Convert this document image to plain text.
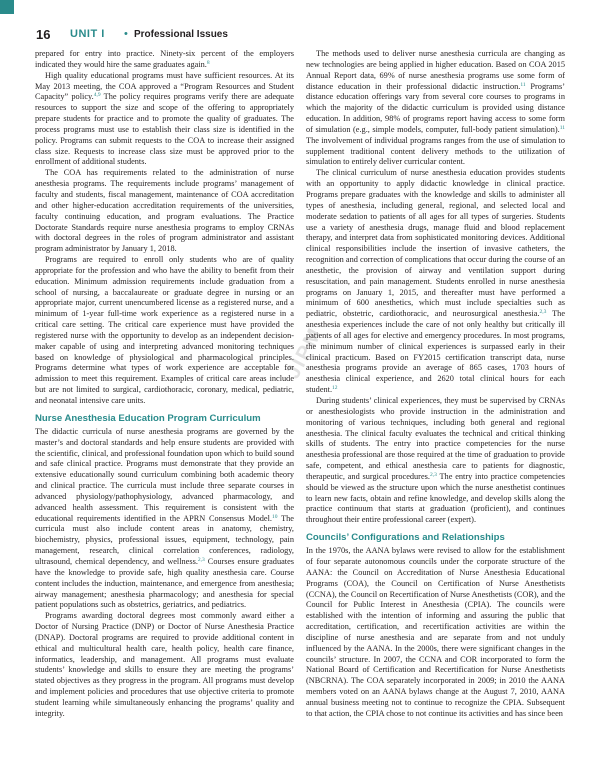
16 UNIT I • Professional Issues
JIPM

prepared for entry into practice. Ninety-six percent of the employers indicated they would hire the same graduates again.$^8$

High quality educational programs must have sufficient resources. At its May 2013 meeting, the COA approved a “Program Resources and Student Capacity” policy.$^{4,9}$ The policy requires programs verify there are adequate resources to support the size and scope of the offering to appropriately prepare students for practice and to promote the quality of graduates. The process programs must use to establish their class size is identified in the policy. Programs can submit requests to the COA to increase their assigned class size. Requests to increase class size must be approved prior to the enrollment of additional students.

The COA has requirements related to the administration of nurse anesthesia programs. The requirements include programs’ management of faculty and students, fiscal management, maintenance of COA accreditation and other higher-education accreditation requirements of the universities, faculty continuing education, and program evaluations. The Practice Doctorate Standards require nurse anesthesia programs to employ CRNAs with doctoral degrees in the roles of program administrator and assistant program administrator by January 1, 2018.

Programs are required to enroll only students who are of quality appropriate for the profession and who have the ability to benefit from their education. Minimum admission requirements include graduation from a school of nursing, a baccalaureate or graduate degree in nursing or an appropriate major, current unencumbered license as a registered nurse, and a minimum of 1-year full-time work experience as a registered nurse in a critical care setting. The critical care experience must have provided the registered nurse with the opportunity to develop as an independent decision-maker capable of using and interpreting advanced monitoring techniques based on knowledge of physiological and pharmacological principles. Programs determine what types of work experience are acceptable for admission to meet this requirement. Examples of critical care areas include but are not limited to surgical, cardiothoracic, coronary, medical, pediatric, and neonatal intensive care units.

Nurse Anesthesia Education Program Curriculum

The didactic curricula of nurse anesthesia programs are governed by the master’s and doctoral standards and help ensure students are provided with the scientific, clinical, and professional foundation upon which to build sound and safe clinical practice. Programs must demonstrate that they provide an extensive educationally sound curriculum combining both academic theory and clinical practice. The curricula must include three separate courses in advanced physiology/pathophysiology, advanced pharmacology, and advanced health assessment. This requirement is consistent with the educational requirements identified in the APRN Consensus Model.$^{10}$ The curricula must also include content areas in anatomy, chemistry, biochemistry, physics, professional issues, equipment, technology, pain management, research, clinical correlation conferences, radiology, ultrasound, chemical dependency, and wellness.$^{2,3}$ Courses ensure graduates have the knowledge to provide safe, high quality anesthesia care. Course content includes the induction, maintenance, and emergence from anesthesia; airway management; anesthesia pharmacology; and anesthesia for special patient populations such as obstetrics, geriatrics, and pediatrics.

Programs awarding doctoral degrees most commonly award either a Doctor of Nursing Practice (DNP) or Doctor of Nurse Anesthesia Practice (DNAP). Doctoral programs are required to provide additional content in ethical and multicultural health care, health policy, health care finance, informatics, leadership, and management. All programs must evaluate students’ knowledge and skills to ensure they are meeting the programs’ stated objectives as they progress in the program. All programs must develop and implement policies and procedures that use objective criteria to promote student learning while simultaneously enhancing the programs’ quality and integrity.

The methods used to deliver nurse anesthesia curricula are changing as new technologies are being applied in higher education. Based on COA 2015 Annual Report data, 69% of nurse anesthesia programs use some form of distance education in their professional didactic instruction.$^{11}$ Programs’ distance education offerings vary from several core courses to programs in which the majority of the didactic curriculum is provided using distance education. In addition, 98% of programs report having access to some form of simulation (e.g., simple models, computer, full-body patient simulation).$^{11}$ The involvement of individual programs ranges from the use of simulation to supplement traditional content delivery methods to the utilization of simulation to entirely deliver curricular content.

The clinical curriculum of nurse anesthesia education provides students with an opportunity to apply didactic knowledge in clinical practice. Programs prepare graduates with the knowledge and skills to administer all types of anesthesia, including general, regional, and selected local and moderate sedation to patients of all ages for all types of surgeries. Students use a variety of anesthesia drugs, manage fluid and blood replacement therapy, and interpret data from sophisticated monitoring devices. Additional clinical responsibilities include the insertion of invasive catheters, the recognition and correction of complications that occur during the course of an anesthetic, the provision of airway and ventilation support during resuscitation, and pain management. Students enrolled in nurse anesthesia programs on January 1, 2015, and thereafter must have performed a minimum of 600 anesthetics, which must include specialties such as pediatric, obstetric, cardiothoracic, and neurosurgical anesthesia.$^{2,3}$ The anesthesia experiences include the care of not only healthy but critically ill patients of all ages for elective and emergency procedures. In most programs, the minimum number of clinical experiences is surpassed early in their clinical practicum. Based on FY2015 certification transcript data, nurse anesthesia programs provide an average of 865 cases, 1703 hours of anesthesia clinical experience, and 2620 total clinical hours for each student.$^{12}$

During students’ clinical experiences, they must be supervised by CRNAs or anesthesiologists who provide instruction in the administration and monitoring of various techniques, including both general and regional anesthesia. The clinical faculty evaluates the technical and critical thinking skills of students. The entry into practice competencies for the nurse anesthesia professional are those required at the time of graduation to provide safe, competent, and ethical anesthesia care to patients for diagnostic, therapeutic, and surgical procedures.$^{2,3}$ The entry into practice competencies should be viewed as the structure upon which the nurse anesthetist continues to learn new facts, obtain and refine knowledge, and develop skills along the practice continuum that starts at graduation (proficient), and continues throughout their entire professional career (expert).

Councils’ Configurations and Relationships

In the 1970s, the AANA bylaws were revised to allow for the establishment of four separate autonomous councils under the corporate structure of the AANA: the Council on Accreditation of Nurse Anesthesia Educational Programs (COA), the Council on Certification of Nurse Anesthetists (CCNA), the Council on Recertification of Nurse Anesthetists (COR), and the Council for Public Interest in Anesthesia (CPIA). The councils were established with the intention of informing and assuring the public that accreditation, certification, and recertification activities are within the discipline of nurse anesthesia and are separate from and not unduly influenced by the AANA. In the 2000s, there were significant changes in the councils’ structure. In 2007, the CCNA and COR incorporated to form the National Board of Certification and Recertification for Nurse Anesthetists (NBCRNA). The COA separately incorporated in 2009; in 2010 the AANA members voted on an AANA bylaws change at the August 7, 2010, AANA annual business meeting not to continue to recognize the CPIA. Subsequent to that action, the CPIA chose to not continue its activities and has since been
